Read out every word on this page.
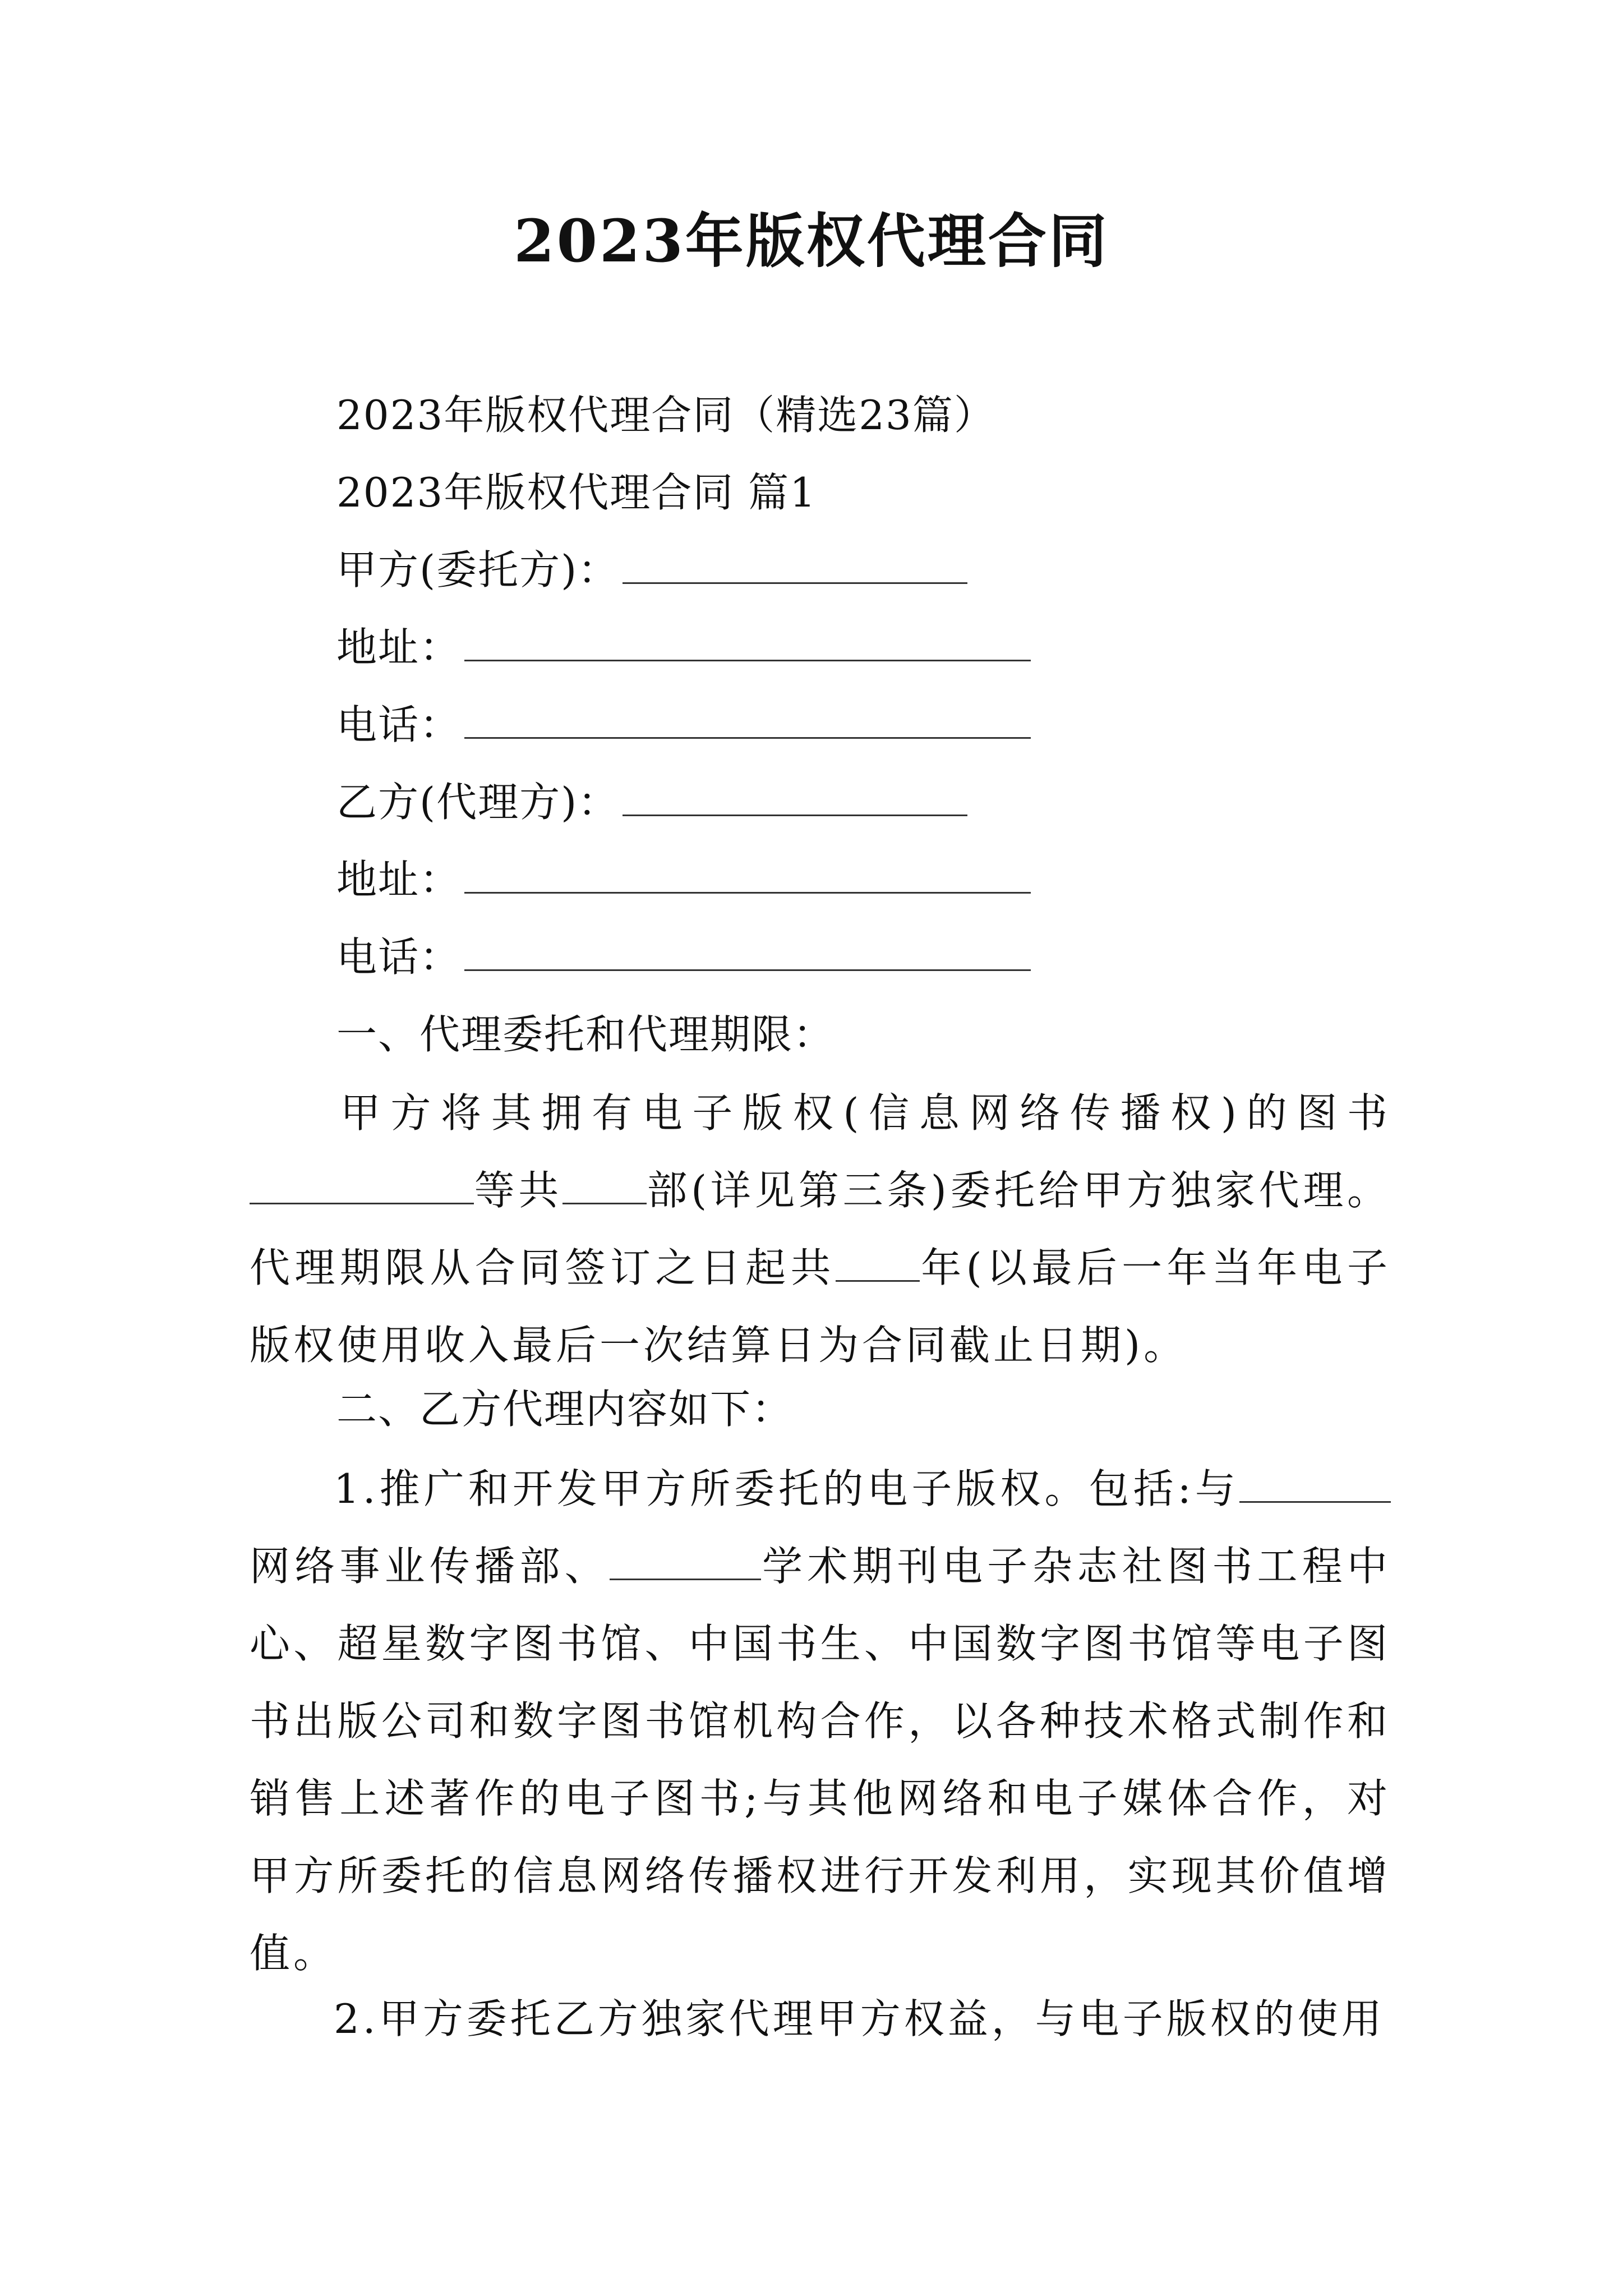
2023年版权代理合同
2023年版权代理合同（精选23篇）
2023年版权代理合同 篇1
甲方(委托方)：
地址：
电话：
乙方(代理方)：
地址：
电话：
一、代理委托和代理期限：
甲方将其拥有电子版权(信息网络传播权)的图书等共 部(详见第三条)委托给甲方独家代理。代理期限从合同签订之日起共 年(以最后一年当年电子版权使用收入最后一次结算日为合同截止日期)。
二、乙方代理内容如下：
1.推广和开发甲方所委托的电子版权。包括:与网络事业传播部、	学术期刊电子杂志社图书工程中心、超星数字图书馆、中国书生、中国数字图书馆等电子图书出版公司和数字图书馆机构合作，以各种技术格式制作和销售上述著作的电子图书;与其他网络和电子媒体合作，对甲方所委托的信息网络传播权进行开发利用，实现其价值增值。
2.甲方委托乙方独家代理甲方权益，与电子版权的使用
